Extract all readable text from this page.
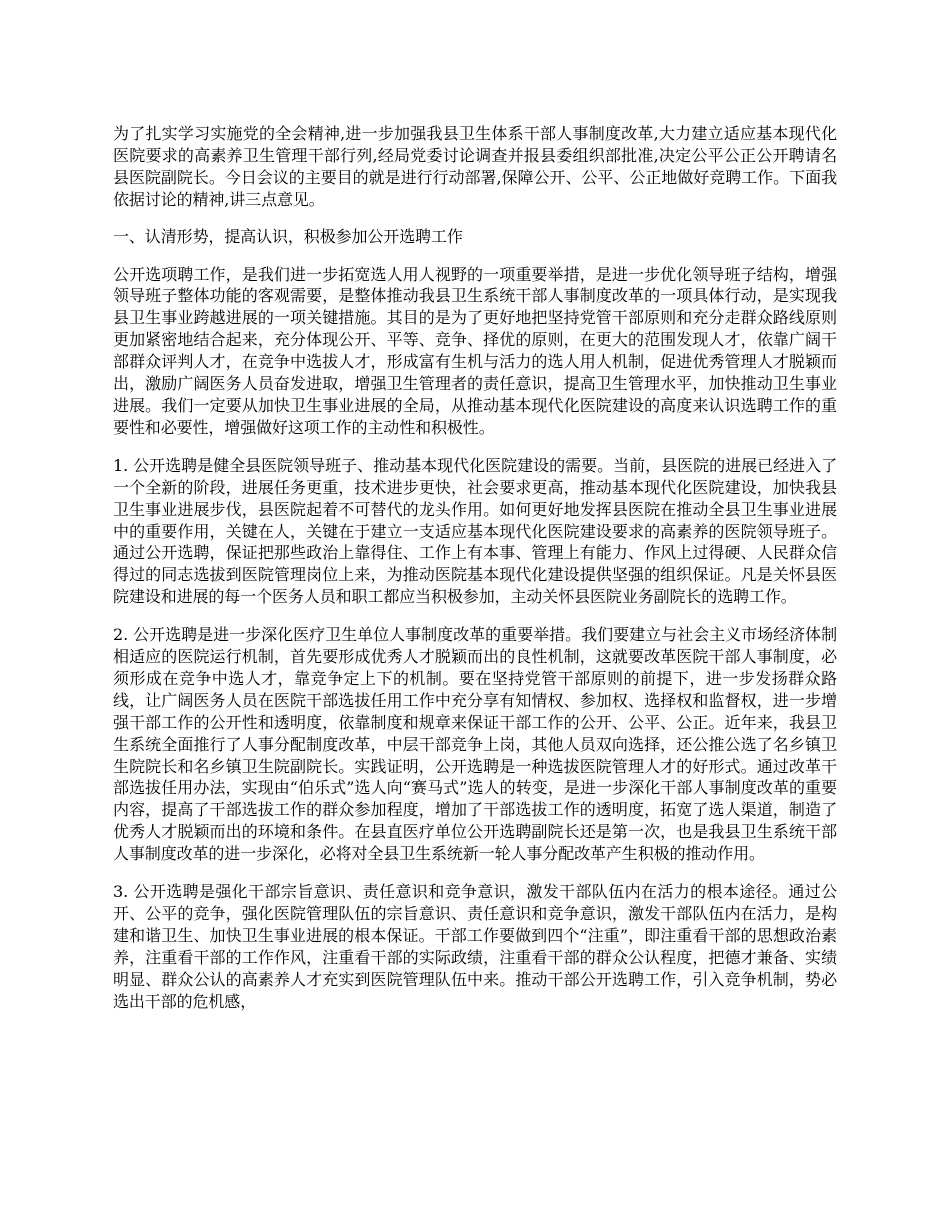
为了扎实学习实施党的全会精神,进一步加强我县卫生体系干部人事制度改革,大力建立适应基本现代化医院要求的高素养卫生管理干部行列,经局党委讨论调查并报县委组织部批准,决定公平公正公开聘请名县医院副院长。今日会议的主要目的就是进行行动部署,保障公开、公平、公正地做好竞聘工作。下面我依据讨论的精神,讲三点意见。

一、认清形势，提高认识，积极参加公开选聘工作

公开选项聘工作，是我们进一步拓宽选人用人视野的一项重要举措，是进一步优化领导班子结构，增强领导班子整体功能的客观需要，是整体推动我县卫生系统干部人事制度改革的一项具体行动，是实现我县卫生事业跨越进展的一项关键措施。其目的是为了更好地把坚持党管干部原则和充分走群众路线原则更加紧密地结合起来，充分体现公开、平等、竞争、择优的原则，在更大的范围发现人才，依靠广阔干部群众评判人才，在竞争中选拔人才，形成富有生机与活力的选人用人机制，促进优秀管理人才脱颖而出，激励广阔医务人员奋发进取，增强卫生管理者的责任意识，提高卫生管理水平，加快推动卫生事业进展。我们一定要从加快卫生事业进展的全局，从推动基本现代化医院建设的高度来认识选聘工作的重要性和必要性，增强做好这项工作的主动性和积极性。

1. 公开选聘是健全县医院领导班子、推动基本现代化医院建设的需要。当前，县医院的进展已经进入了一个全新的阶段，进展任务更重，技术进步更快，社会要求更高，推动基本现代化医院建设，加快我县卫生事业进展步伐，县医院起着不可替代的龙头作用。如何更好地发挥县医院在推动全县卫生事业进展中的重要作用，关键在人，关键在于建立一支适应基本现代化医院建设要求的高素养的医院领导班子。通过公开选聘，保证把那些政治上靠得住、工作上有本事、管理上有能力、作风上过得硬、人民群众信得过的同志选拔到医院管理岗位上来，为推动医院基本现代化建设提供坚强的组织保证。凡是关怀县医院建设和进展的每一个医务人员和职工都应当积极参加，主动关怀县医院业务副院长的选聘工作。

2. 公开选聘是进一步深化医疗卫生单位人事制度改革的重要举措。我们要建立与社会主义市场经济体制相适应的医院运行机制，首先要形成优秀人才脱颖而出的良性机制，这就要改革医院干部人事制度，必须形成在竞争中选人才，靠竞争定上下的机制。要在坚持党管干部原则的前提下，进一步发扬群众路线，让广阔医务人员在医院干部选拔任用工作中充分享有知情权、参加权、选择权和监督权，进一步增强干部工作的公开性和透明度，依靠制度和规章来保证干部工作的公开、公平、公正。近年来，我县卫生系统全面推行了人事分配制度改革，中层干部竞争上岗，其他人员双向选择，还公推公选了名乡镇卫生院院长和名乡镇卫生院副院长。实践证明，公开选聘是一种选拔医院管理人才的好形式。通过改革干部选拔任用办法，实现由“伯乐式”选人向“赛马式”选人的转变，是进一步深化干部人事制度改革的重要内容，提高了干部选拔工作的群众参加程度，增加了干部选拔工作的透明度，拓宽了选人渠道，制造了优秀人才脱颖而出的环境和条件。在县直医疗单位公开选聘副院长还是第一次，也是我县卫生系统干部人事制度改革的进一步深化，必将对全县卫生系统新一轮人事分配改革产生积极的推动作用。

3. 公开选聘是强化干部宗旨意识、责任意识和竞争意识，激发干部队伍内在活力的根本途径。通过公开、公平的竞争，强化医院管理队伍的宗旨意识、责任意识和竞争意识，激发干部队伍内在活力，是构建和谐卫生、加快卫生事业进展的根本保证。干部工作要做到四个“注重”，即注重看干部的思想政治素养，注重看干部的工作作风，注重看干部的实际政绩，注重看干部的群众公认程度，把德才兼备、实绩明显、群众公认的高素养人才充实到医院管理队伍中来。推动干部公开选聘工作，引入竞争机制，势必选出干部的危机感，
